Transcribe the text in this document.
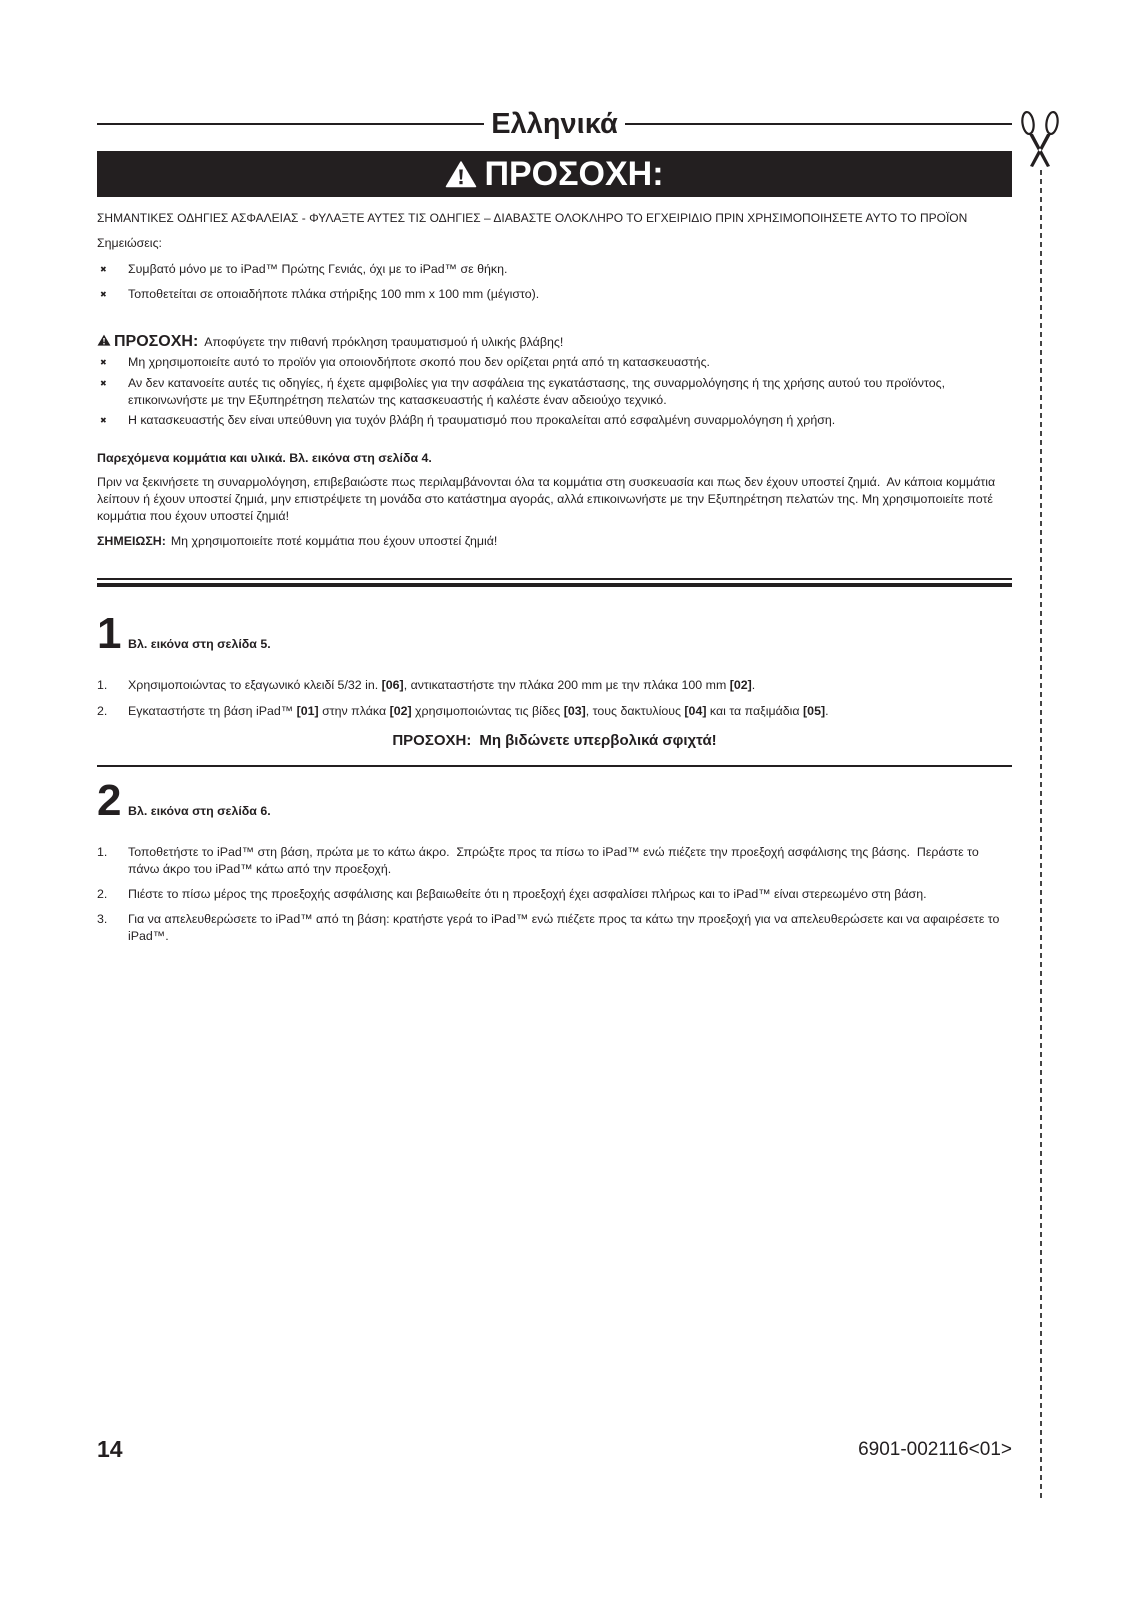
Ελληνικά
ΠΡΟΣΟΧΗ:
ΣΗΜΑΝΤΙΚΕΣ ΟΔΗΓΙΕΣ ΑΣΦΑΛΕΙΑΣ - ΦΥΛΑΞΤΕ ΑΥΤΕΣ ΤΙΣ ΟΔΗΓΙΕΣ – ΔΙΑΒΑΣΤΕ ΟΛΟΚΛΗΡΟ ΤΟ ΕΓΧΕΙΡΙΔΙΟ ΠΡΙΝ ΧΡΗΣΙΜΟΠΟΙΗΣΕΤΕ ΑΥΤΟ ΤΟ ΠΡΟΪΟΝ
Σημειώσεις:
✖
Συμβατό μόνο με το iPad™ Πρώτης Γενιάς, όχι με το iPad™ σε θήκη.
✖
Τοποθετείται σε οποιαδήποτε πλάκα στήριξης 100 mm x 100 mm (μέγιστο).
ΠΡΟΣΟΧΗ: Αποφύγετε την πιθανή πρόκληση τραυματισμού ή υλικής βλάβης!
✖
Μη χρησιμοποιείτε αυτό το προϊόν για οποιονδήποτε σκοπό που δεν ορίζεται ρητά από τη κατασκευαστής.
✖
Αν δεν κατανοείτε αυτές τις οδηγίες, ή έχετε αμφιβολίες για την ασφάλεια της εγκατάστασης, της συναρμολόγησης ή της χρήσης αυτού του προϊόντος, επικοινωνήστε με την Εξυπηρέτηση πελατών της κατασκευαστής ή καλέστε έναν αδειούχο τεχνικό.
✖
Η κατασκευαστής δεν είναι υπεύθυνη για τυχόν βλάβη ή τραυματισμό που προκαλείται από εσφαλμένη συναρμολόγηση ή χρήση.
Παρεχόμενα κομμάτια και υλικά. Βλ. εικόνα στη σελίδα 4.
Πριν να ξεκινήσετε τη συναρμολόγηση, επιβεβαιώστε πως περιλαμβάνονται όλα τα κομμάτια στη συσκευασία και πως δεν έχουν υποστεί ζημιά.  Αν κάποια κομμάτια λείπουν ή έχουν υποστεί ζημιά, μην επιστρέψετε τη μονάδα στο κατάστημα αγοράς, αλλά επικοινωνήστε με την Εξυπηρέτηση πελατών της. Μη χρησιμοποιείτε ποτέ κομμάτια που έχουν υποστεί ζημιά!
ΣΗΜΕΙΩΣΗ: Μη χρησιμοποιείτε ποτέ κομμάτια που έχουν υποστεί ζημιά!
1 Βλ. εικόνα στη σελίδα 5.
1.	Χρησιμοποιώντας το εξαγωνικό κλειδί 5/32 in. [06], αντικαταστήστε την πλάκα 200 mm με την πλάκα 100 mm [02].
2.	Εγκαταστήστε τη βάση iPad™ [01] στην πλάκα [02] χρησιμοποιώντας τις βίδες [03], τους δακτυλίους [04] και τα παξιμάδια [05].
ΠΡΟΣΟΧΗ: Μη βιδώνετε υπερβολικά σφιχτά!
2 Βλ. εικόνα στη σελίδα 6.
1.	Τοποθετήστε το iPad™ στη βάση, πρώτα με το κάτω άκρο.  Σπρώξτε προς τα πίσω το iPad™ ενώ πιέζετε την προεξοχή ασφάλισης της βάσης.  Περάστε το πάνω άκρο του iPad™ κάτω από την προεξοχή.
2.	Πιέστε το πίσω μέρος της προεξοχής ασφάλισης και βεβαιωθείτε ότι η προεξοχή έχει ασφαλίσει πλήρως και το iPad™ είναι στερεωμένο στη βάση.
3.	Για να απελευθερώσετε το iPad™ από τη βάση: κρατήστε γερά το iPad™ ενώ πιέζετε προς τα κάτω την προεξοχή για να απελευθερώσετε και να αφαιρέσετε το iPad™.
14	6901-002116<01>
